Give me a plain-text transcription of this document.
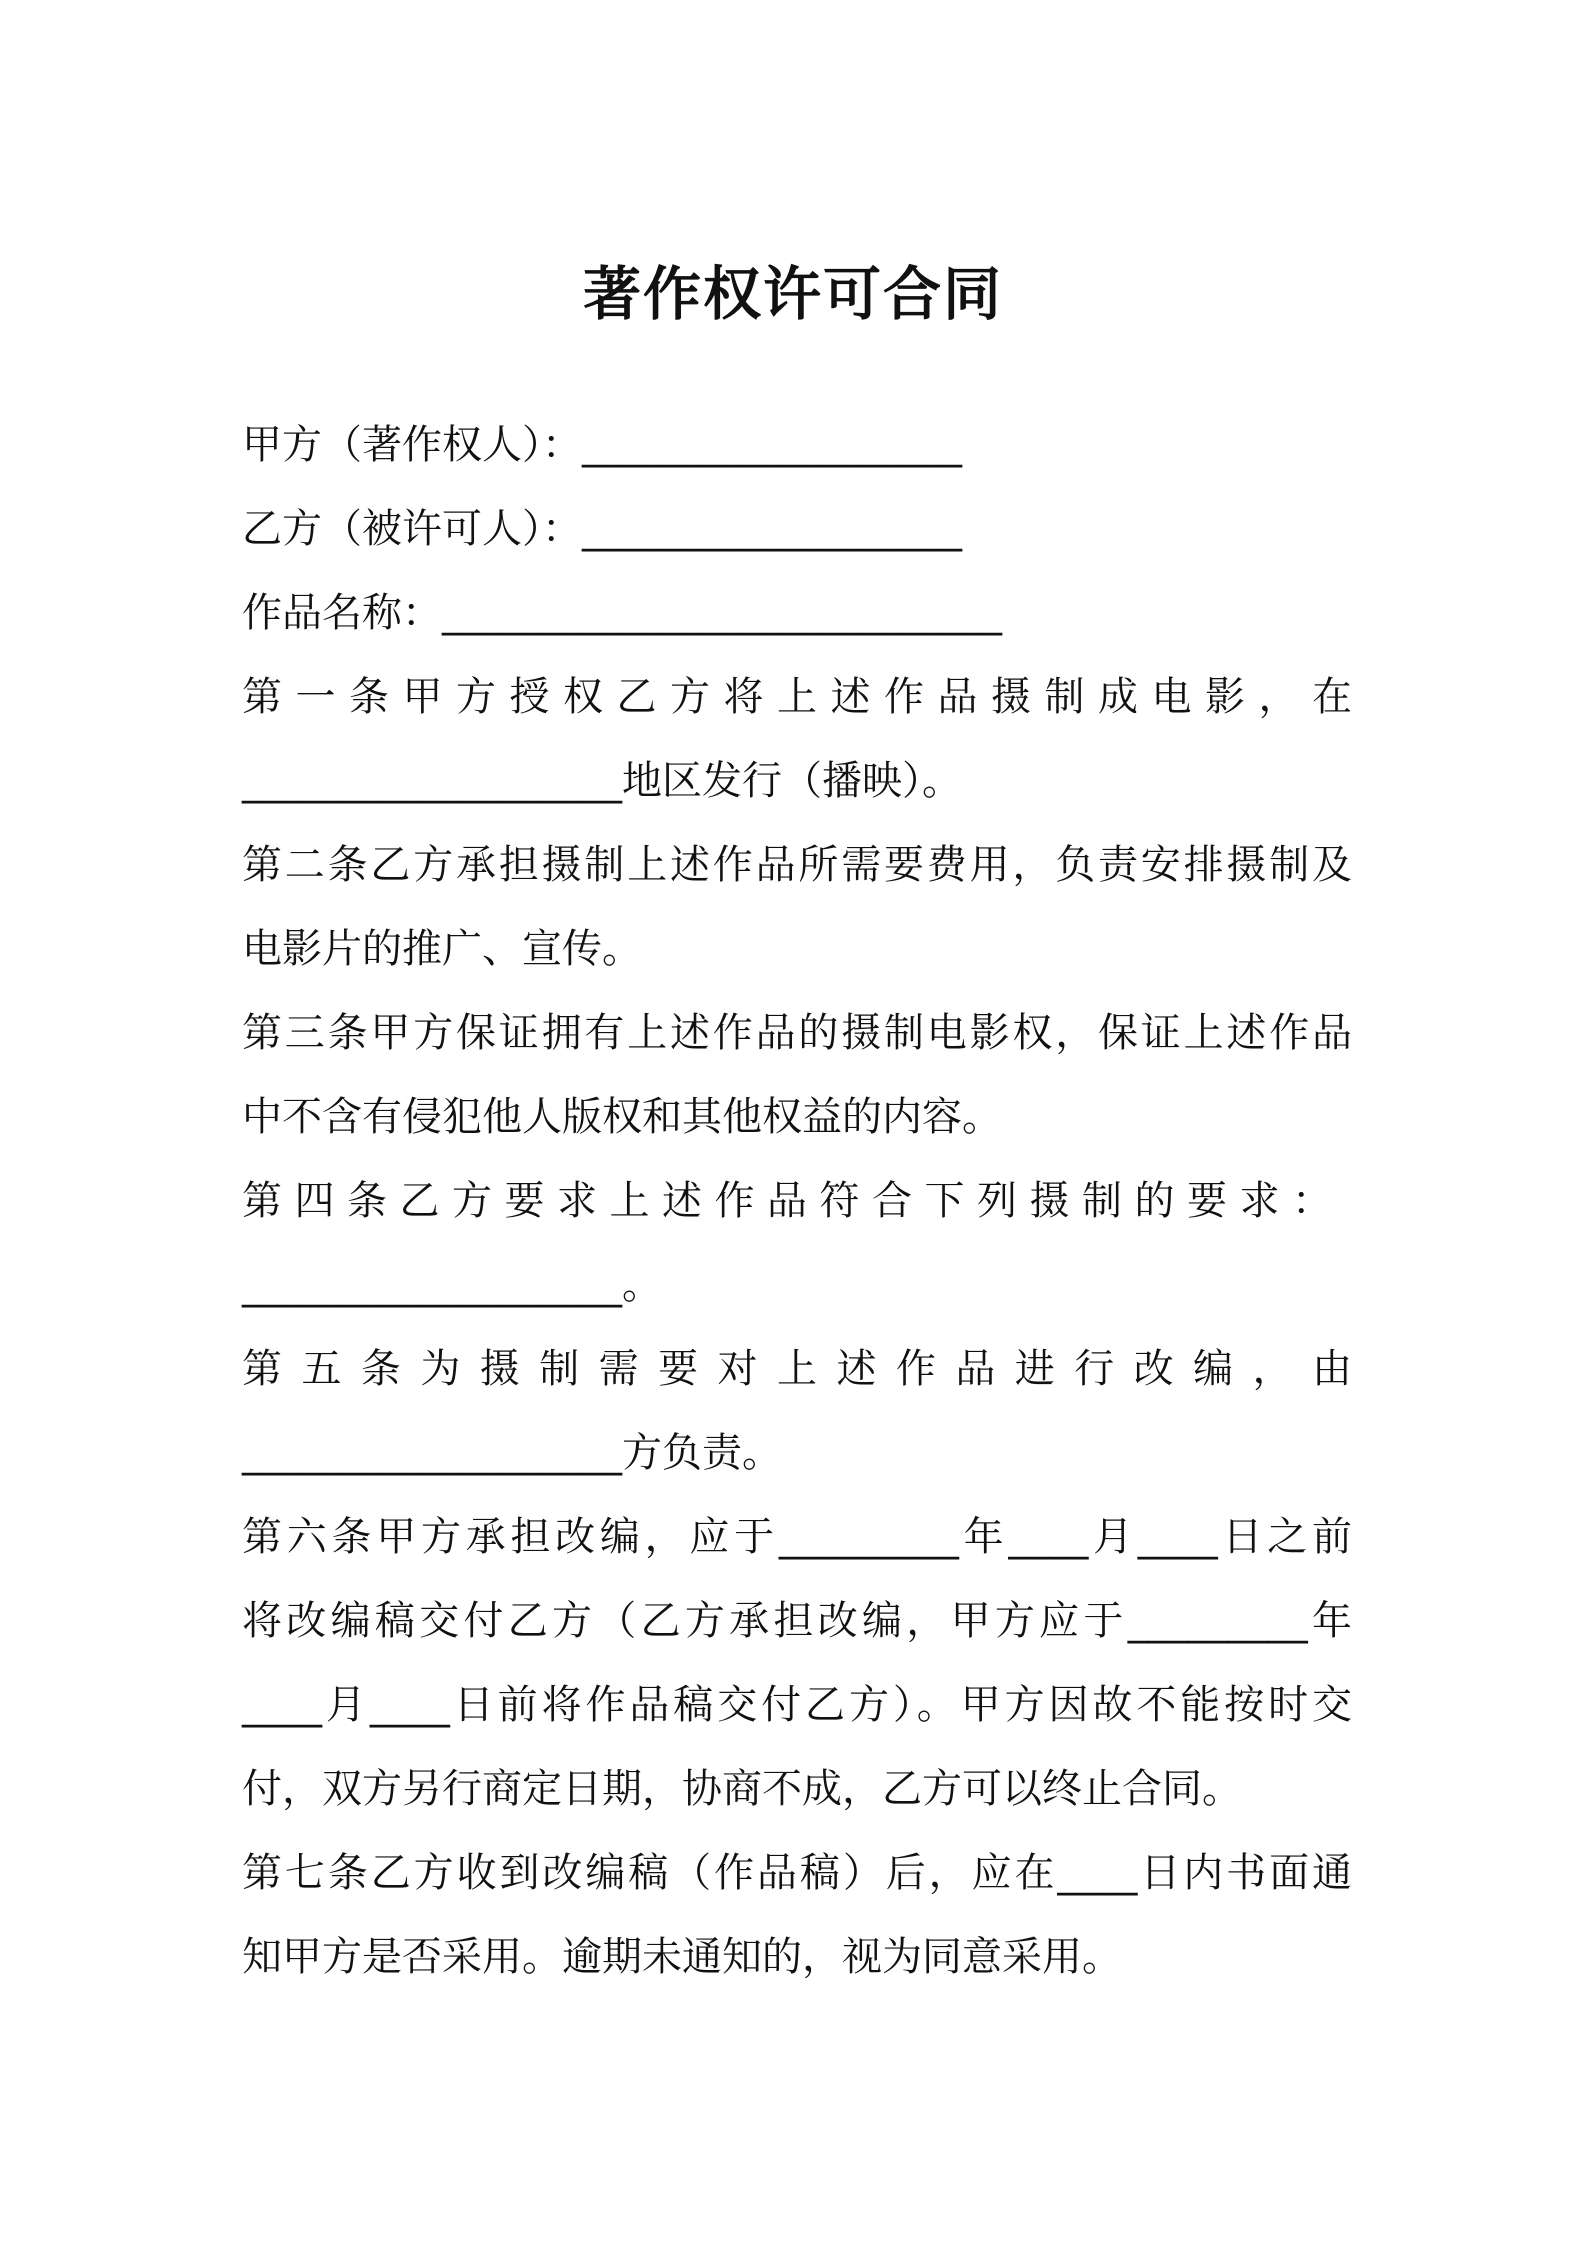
著作权许可合同
甲方（著作权人）：___________________
乙方（被许可人）：___________________
作品名称：____________________________
第一条甲方授权乙方将上述作品摄制成电影，在
___________________地区发行（播映）。
第二条乙方承担摄制上述作品所需要费用，负责安排摄制及
电影片的推广、宣传。
第三条甲方保证拥有上述作品的摄制电影权，保证上述作品
中不含有侵犯他人版权和其他权益的内容。
第四条乙方要求上述作品符合下列摄制的要求：
___________________。
第五条为摄制需要对上述作品进行改编，由
___________________方负责。
第六条甲方承担改编，应于_________年____月____日之前
将改编稿交付乙方（乙方承担改编，甲方应于_________年
____月____日前将作品稿交付乙方）。甲方因故不能按时交
付，双方另行商定日期，协商不成，乙方可以终止合同。
第七条乙方收到改编稿（作品稿）后，应在____日内书面通
知甲方是否采用。逾期未通知的，视为同意采用。
